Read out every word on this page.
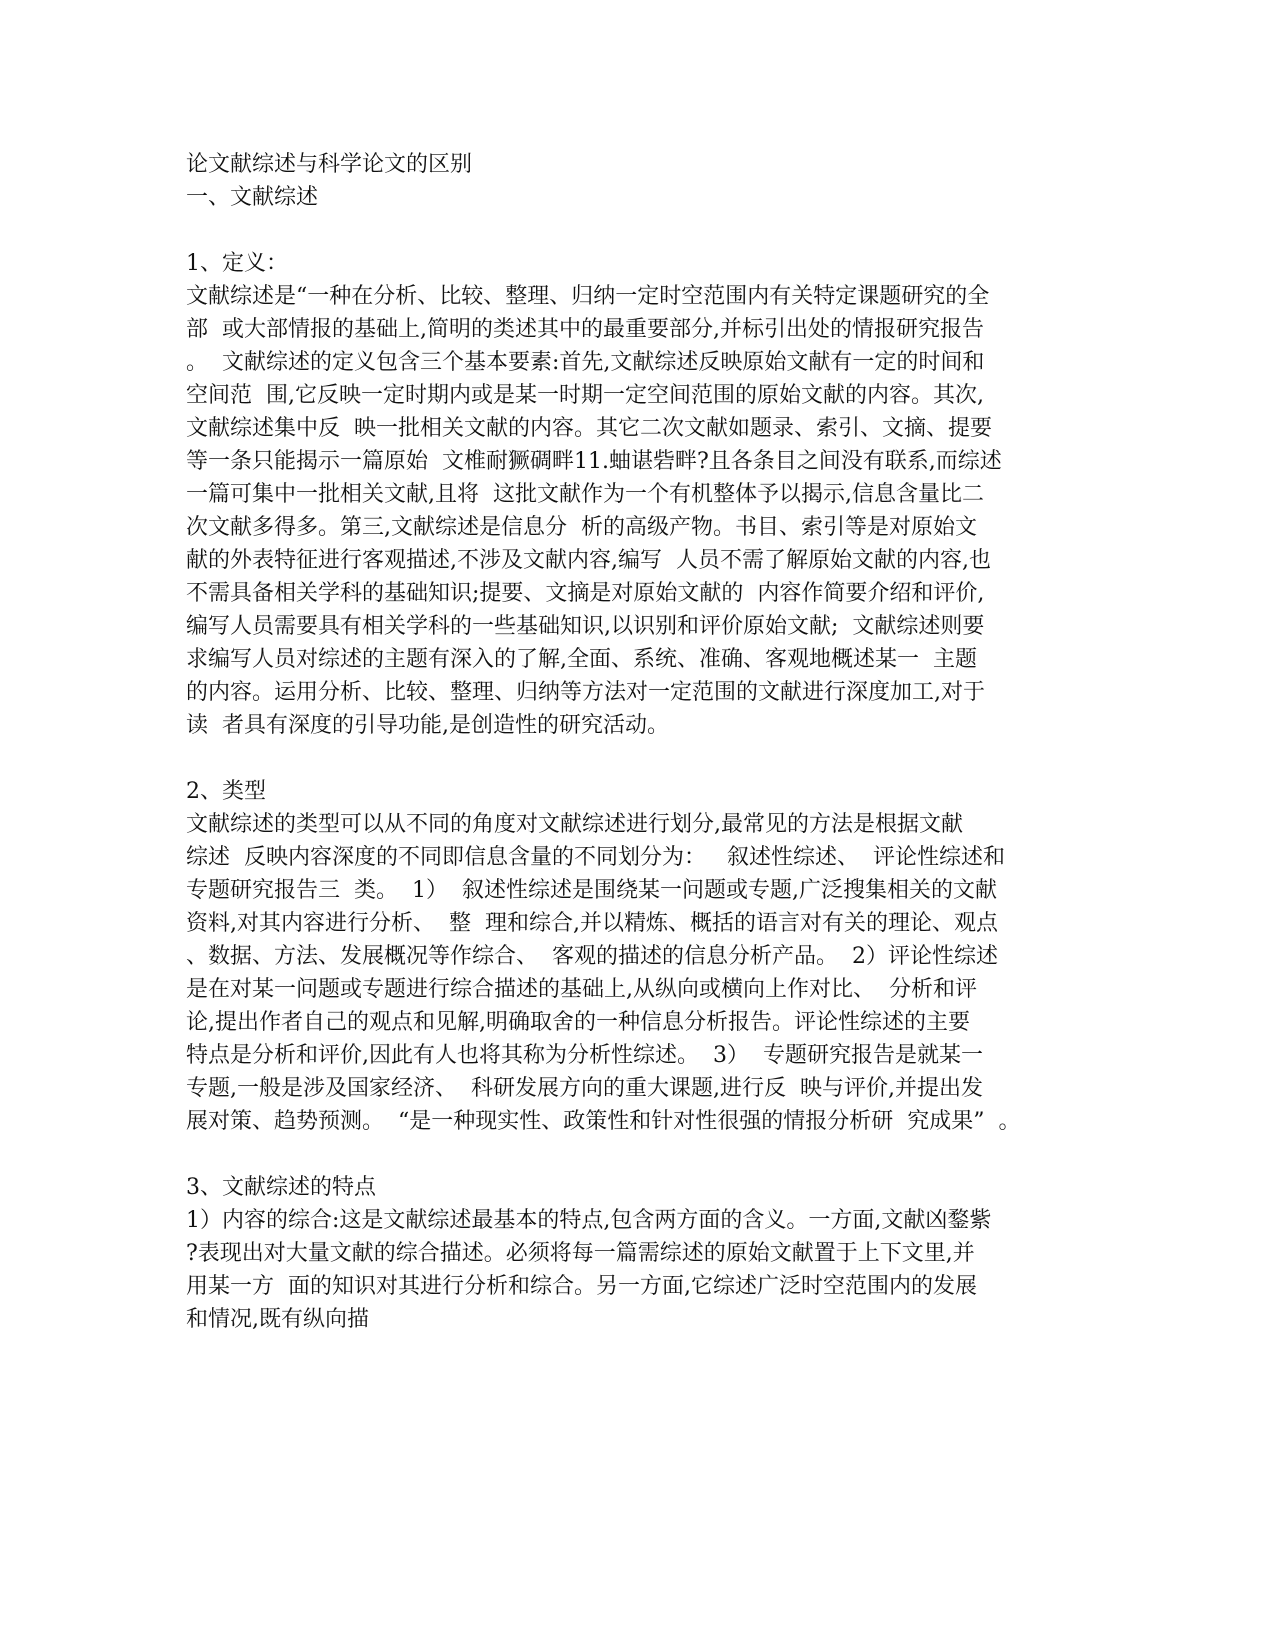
论文献综述与科学论文的区别
一、文献综述
1、定义：
文献综述是“一种在分析、比较、整理、归纳一定时空范围内有关特定课题研究的全
部  或大部情报的基础上,简明的类述其中的最重要部分,并标引出处的情报研究报告
。  文献综述的定义包含三个基本要素:首先,文献综述反映原始文献有一定的时间和
空间范  围,它反映一定时期内或是某一时期一定空间范围的原始文献的内容。其次,
文献综述集中反  映一批相关文献的内容。其它二次文献如题录、索引、文摘、提要
等一条只能揭示一篇原始  文椎耐獗碉畔11.蚰谌砦畔?且各条目之间没有联系,而综述
一篇可集中一批相关文献,且将  这批文献作为一个有机整体予以揭示,信息含量比二
次文献多得多。第三,文献综述是信息分  析的高级产物。书目、索引等是对原始文
献的外表特征进行客观描述,不涉及文献内容,编写  人员不需了解原始文献的内容,也
不需具备相关学科的基础知识;提要、文摘是对原始文献的  内容作简要介绍和评价,
编写人员需要具有相关学科的一些基础知识,以识别和评价原始文献;  文献综述则要
求编写人员对综述的主题有深入的了解,全面、系统、准确、客观地概述某一  主题
的内容。运用分析、比较、整理、归纳等方法对一定范围的文献进行深度加工,对于
读  者具有深度的引导功能,是创造性的研究活动。
2、类型
文献综述的类型可以从不同的角度对文献综述进行划分,最常见的方法是根据文献
综述  反映内容深度的不同即信息含量的不同划分为：   叙述性综述、  评论性综述和
专题研究报告三  类。  1）  叙述性综述是围绕某一问题或专题,广泛搜集相关的文献
资料,对其内容进行分析、  整  理和综合,并以精炼、概括的语言对有关的理论、观点
、数据、方法、发展概况等作综合、  客观的描述的信息分析产品。  2）评论性综述
是在对某一问题或专题进行综合描述的基础上,从纵向或横向上作对比、  分析和评
论,提出作者自己的观点和见解,明确取舍的一种信息分析报告。评论性综述的主要
特点是分析和评价,因此有人也将其称为分析性综述。  3）  专题研究报告是就某一
专题,一般是涉及国家经济、  科研发展方向的重大课题,进行反  映与评价,并提出发
展对策、趋势预测。  “是一种现实性、政策性和针对性很强的情报分析研  究成果”  。
3、文献综述的特点
1）内容的综合:这是文献综述最基本的特点,包含两方面的含义。一方面,文献凶鍪紫
?表现出对大量文献的综合描述。必须将每一篇需综述的原始文献置于上下文里,并
用某一方  面的知识对其进行分析和综合。另一方面,它综述广泛时空范围内的发展
和情况,既有纵向描
